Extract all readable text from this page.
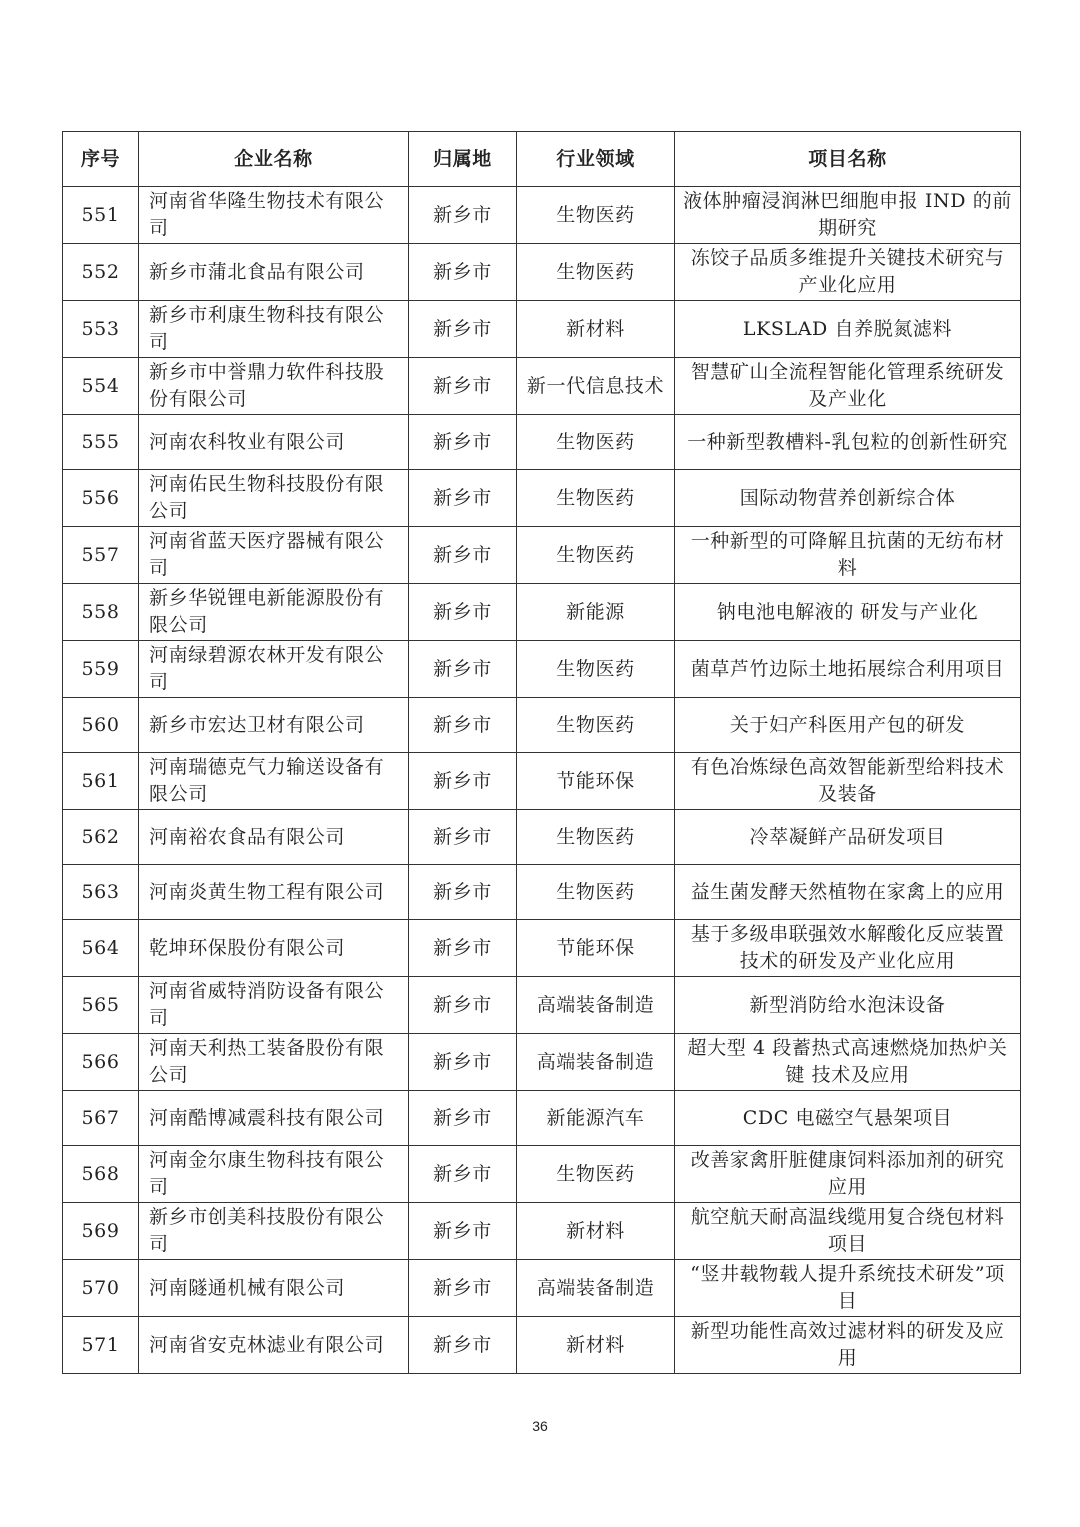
序号	企业名称	归属地	行业领域	项目名称
551	河南省华隆生物技术有限公司	新乡市	生物医药	液体肿瘤浸润淋巴细胞申报 IND 的前期研究
552	新乡市蒲北食品有限公司	新乡市	生物医药	冻饺子品质多维提升关键技术研究与产业化应用
553	新乡市利康生物科技有限公司	新乡市	新材料	LKSLAD 自养脱氮滤料
554	新乡市中誉鼎力软件科技股份有限公司	新乡市	新一代信息技术	智慧矿山全流程智能化管理系统研发及产业化
555	河南农科牧业有限公司	新乡市	生物医药	一种新型教槽料-乳包粒的创新性研究
556	河南佑民生物科技股份有限公司	新乡市	生物医药	国际动物营养创新综合体
557	河南省蓝天医疗器械有限公司	新乡市	生物医药	一种新型的可降解且抗菌的无纺布材料
558	新乡华锐锂电新能源股份有限公司	新乡市	新能源	钠电池电解液的 研发与产业化
559	河南绿碧源农林开发有限公司	新乡市	生物医药	菌草芦竹边际土地拓展综合利用项目
560	新乡市宏达卫材有限公司	新乡市	生物医药	关于妇产科医用产包的研发
561	河南瑞德克气力输送设备有限公司	新乡市	节能环保	有色冶炼绿色高效智能新型给料技术及装备
562	河南裕农食品有限公司	新乡市	生物医药	冷萃凝鲜产品研发项目
563	河南炎黄生物工程有限公司	新乡市	生物医药	益生菌发酵天然植物在家禽上的应用
564	乾坤环保股份有限公司	新乡市	节能环保	基于多级串联强效水解酸化反应装置技术的研发及产业化应用
565	河南省威特消防设备有限公司	新乡市	高端装备制造	新型消防给水泡沫设备
566	河南天利热工装备股份有限公司	新乡市	高端装备制造	超大型 4 段蓄热式高速燃烧加热炉关键 技术及应用
567	河南酷博减震科技有限公司	新乡市	新能源汽车	CDC 电磁空气悬架项目
568	河南金尔康生物科技有限公司	新乡市	生物医药	改善家禽肝脏健康饲料添加剂的研究应用
569	新乡市创美科技股份有限公司	新乡市	新材料	航空航天耐高温线缆用复合绕包材料项目
570	河南隧通机械有限公司	新乡市	高端装备制造	“竖井载物载人提升系统技术研发”项目
571	河南省安克林滤业有限公司	新乡市	新材料	新型功能性高效过滤材料的研发及应用
36
